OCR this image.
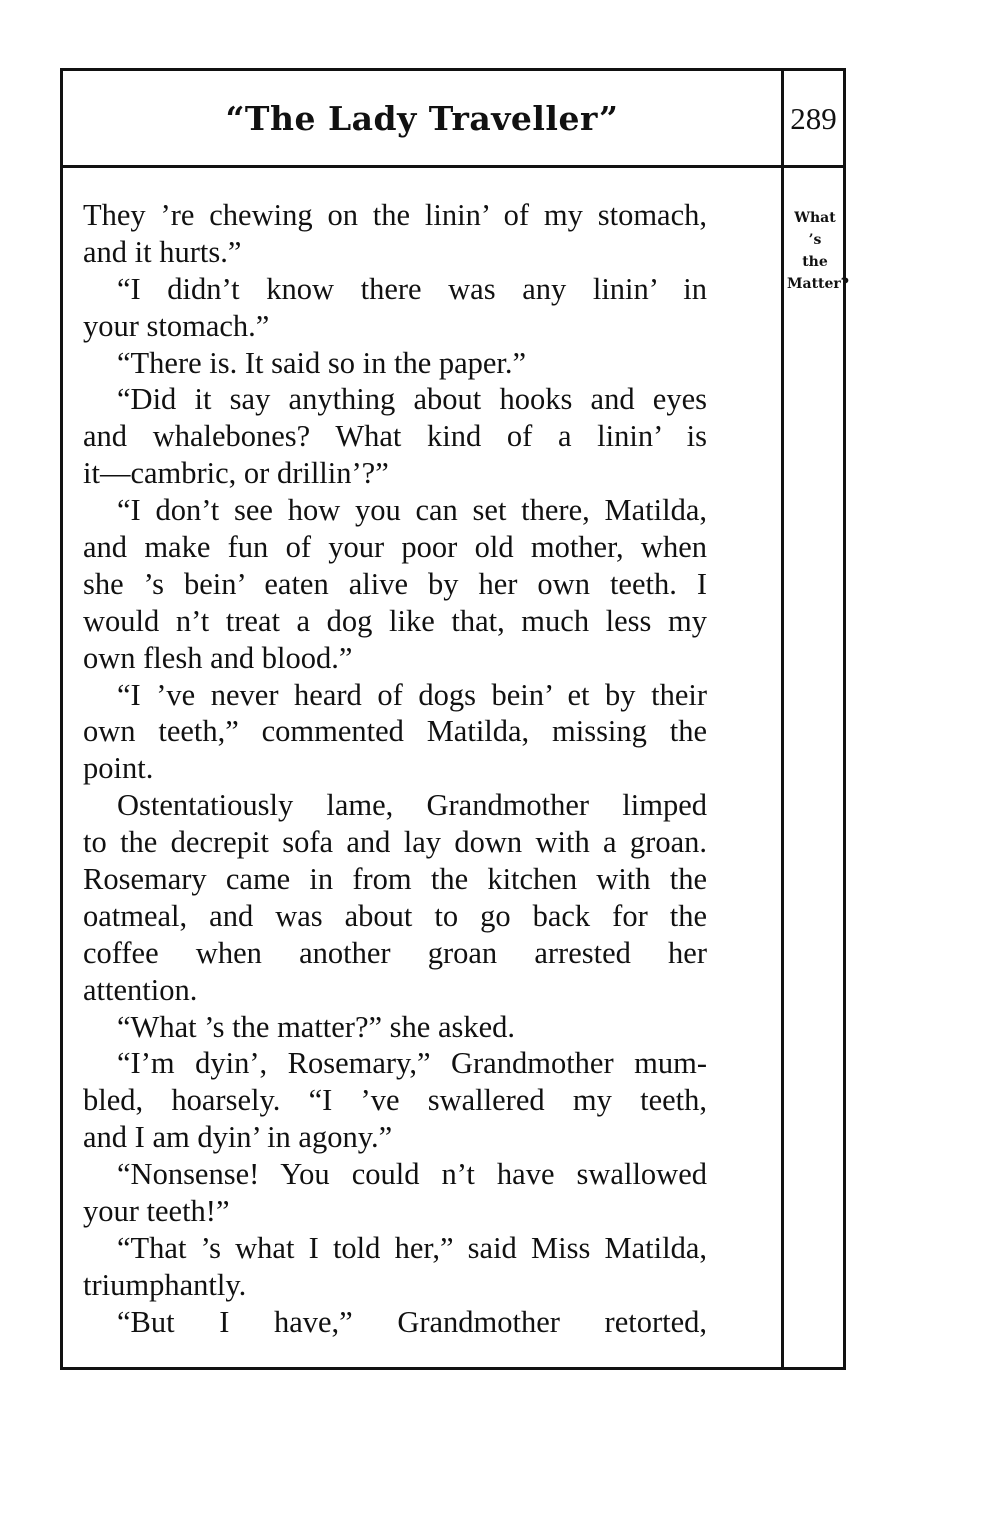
“The Lady Traveller”	289
What ’s
the
Matter?
They ’re chewing on the linin’ of my stomach,
and it hurts.”
“I didn’t know there was any linin’ in
your stomach.”
“There is. It said so in the paper.”
“Did it say anything about hooks and eyes
and whalebones? What kind of a linin’ is
it—cambric, or drillin’?”
“I don’t see how you can set there, Matilda,
and make fun of your poor old mother, when
she ’s bein’ eaten alive by her own teeth. I
would n’t treat a dog like that, much less my
own flesh and blood.”
“I ’ve never heard of dogs bein’ et by their
own teeth,” commented Matilda, missing the
point.
Ostentatiously lame, Grandmother limped
to the decrepit sofa and lay down with a groan.
Rosemary came in from the kitchen with the
oatmeal, and was about to go back for the
coffee when another groan arrested her
attention.
“What ’s the matter?” she asked.
“I’m dyin’, Rosemary,” Grandmother mum-
bled, hoarsely. “I ’ve swallered my teeth,
and I am dyin’ in agony.”
“Nonsense! You could n’t have swallowed
your teeth!”
“That ’s what I told her,” said Miss Matilda,
triumphantly.
“But I have,” Grandmother retorted,
